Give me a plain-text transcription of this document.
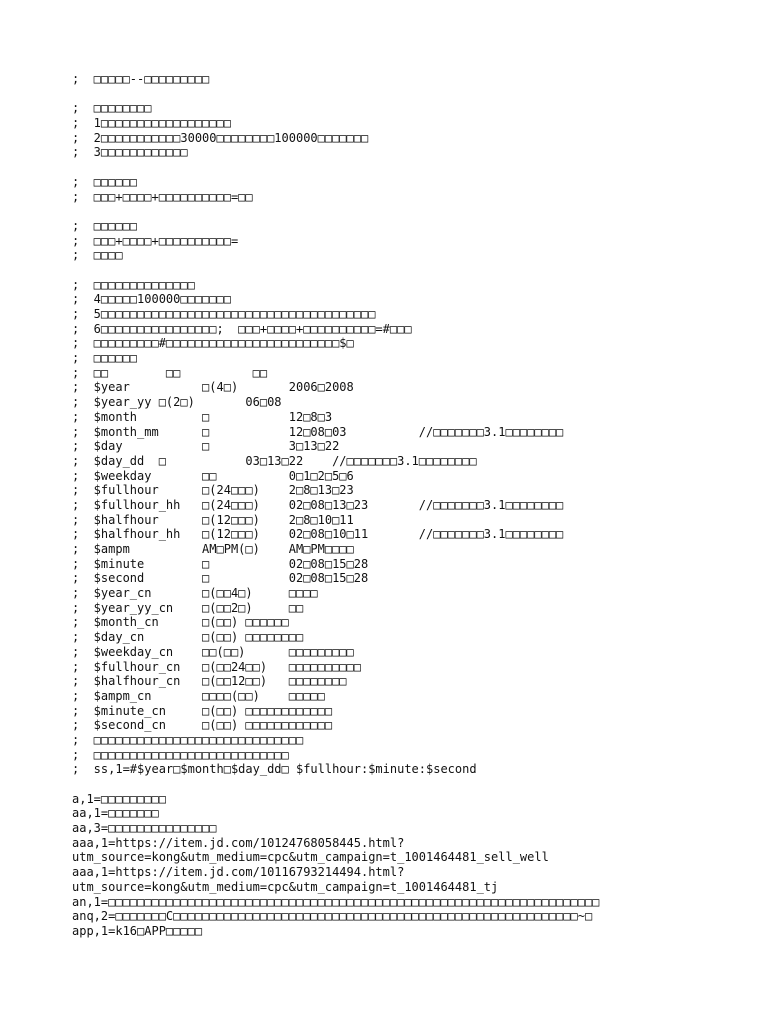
;  □□□□□--□□□□□□□□□
;  □□□□□□□□
;  1□□□□□□□□□□□□□□□□□□
;  2□□□□□□□□□□□30000□□□□□□□□100000□□□□□□□
;  3□□□□□□□□□□□□
;  □□□□□□
;  □□□+□□□□+□□□□□□□□□□=□□
;  □□□□□□
;  □□□+□□□□+□□□□□□□□□□=
;  □□□□
;  □□□□□□□□□□□□□□
;  4□□□□□100000□□□□□□□
;  5□□□□□□□□□□□□□□□□□□□□□□□□□□□□□□□□□□□□□□
;  6□□□□□□□□□□□□□□□□;  □□□+□□□□+□□□□□□□□□□=#□□□
;  □□□□□□□□□#□□□□□□□□□□□□□□□□□□□□□□□□$□
;  □□□□□□
;  □□        □□          □□
;  $year          □(4□)       2006□2008
;  $year_yy □(2□)       06□08
;  $month         □           12□8□3
;  $month_mm      □           12□08□03          //□□□□□□□3.1□□□□□□□□
;  $day           □           3□13□22
;  $day_dd  □           03□13□22    //□□□□□□□3.1□□□□□□□□
;  $weekday       □□          0□1□2□5□6
;  $fullhour      □(24□□□)    2□8□13□23
;  $fullhour_hh   □(24□□□)    02□08□13□23       //□□□□□□□3.1□□□□□□□□
;  $halfhour      □(12□□□)    2□8□10□11
;  $halfhour_hh   □(12□□□)    02□08□10□11       //□□□□□□□3.1□□□□□□□□
;  $ampm          AM□PM(□)    AM□PM□□□□
;  $minute        □           02□08□15□28
;  $second        □           02□08□15□28
;  $year_cn       □(□□4□)     □□□□
;  $year_yy_cn    □(□□2□)     □□
;  $month_cn      □(□□) □□□□□□
;  $day_cn        □(□□) □□□□□□□□
;  $weekday_cn    □□(□□)      □□□□□□□□□
;  $fullhour_cn   □(□□24□□)   □□□□□□□□□□
;  $halfhour_cn   □(□□12□□)   □□□□□□□□
;  $ampm_cn       □□□□(□□)    □□□□□
;  $minute_cn     □(□□) □□□□□□□□□□□□
;  $second_cn     □(□□) □□□□□□□□□□□□
;  □□□□□□□□□□□□□□□□□□□□□□□□□□□□□
;  □□□□□□□□□□□□□□□□□□□□□□□□□□□
;  ss,1=#$year□$month□$day_dd□ $fullhour:$minute:$second
a,1=□□□□□□□□□
aa,1=□□□□□□□
aa,3=□□□□□□□□□□□□□□□
aaa,1=https://item.jd.com/10124768058445.html?
utm_source=kong&utm_medium=cpc&utm_campaign=t_1001464481_sell_well
aaa,1=https://item.jd.com/10116793214494.html?
utm_source=kong&utm_medium=cpc&utm_campaign=t_1001464481_tj
an,1=□□□□□□□□□□□□□□□□□□□□□□□□□□□□□□□□□□□□□□□□□□□□□□□□□□□□□□□□□□□□□□□□□□□□
anq,2=□□□□□□□C□□□□□□□□□□□□□□□□□□□□□□□□□□□□□□□□□□□□□□□□□□□□□□□□□□□□□□□□~□
app,1=k16□APP□□□□□
